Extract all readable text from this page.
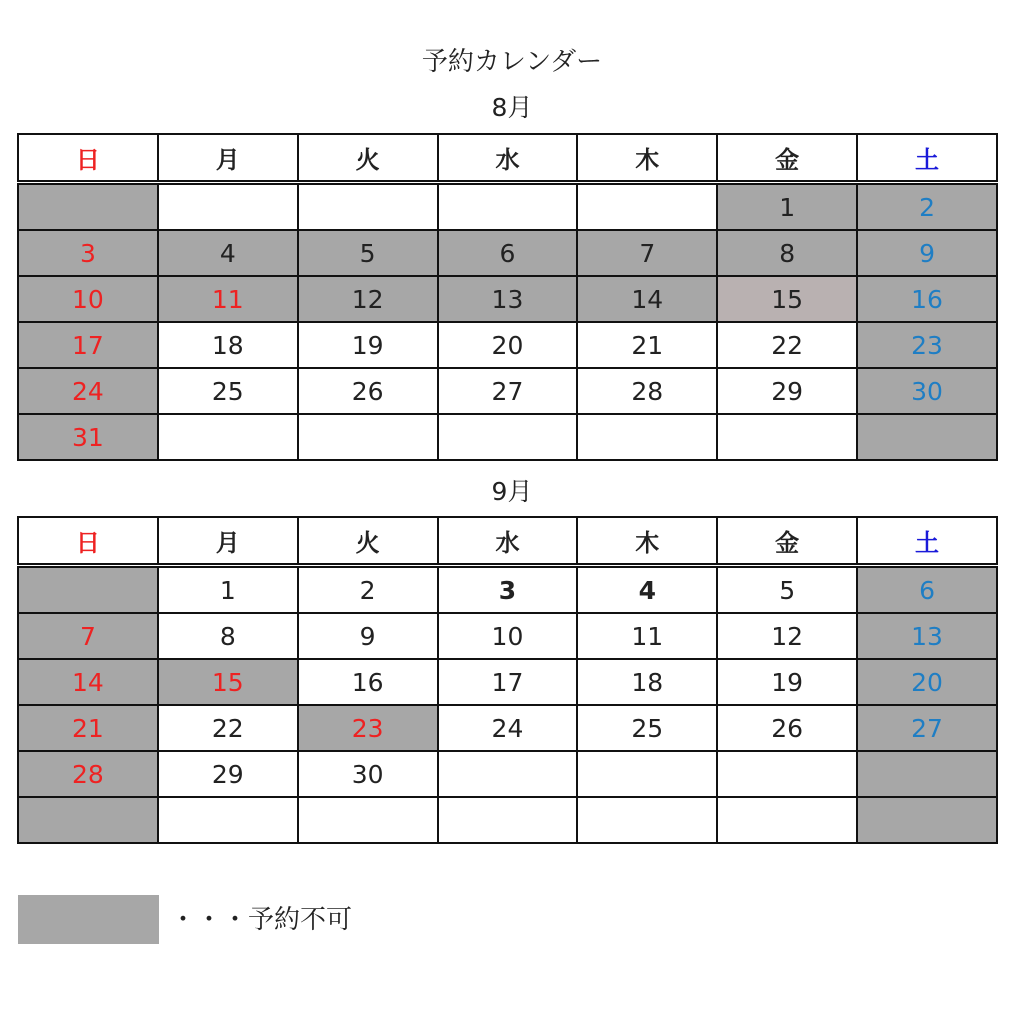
予約カレンダー
8月
日	月	火	水	木	金	土
					1	2
3	4	5	6	7	8	9
10	11	12	13	14	15	16
17	18	19	20	21	22	23
24	25	26	27	28	29	30
31						
9月
日	月	火	水	木	金	土
	1	2	3	4	5	6
7	8	9	10	11	12	13
14	15	16	17	18	19	20
21	22	23	24	25	26	27
28	29	30				

・・・予約不可
